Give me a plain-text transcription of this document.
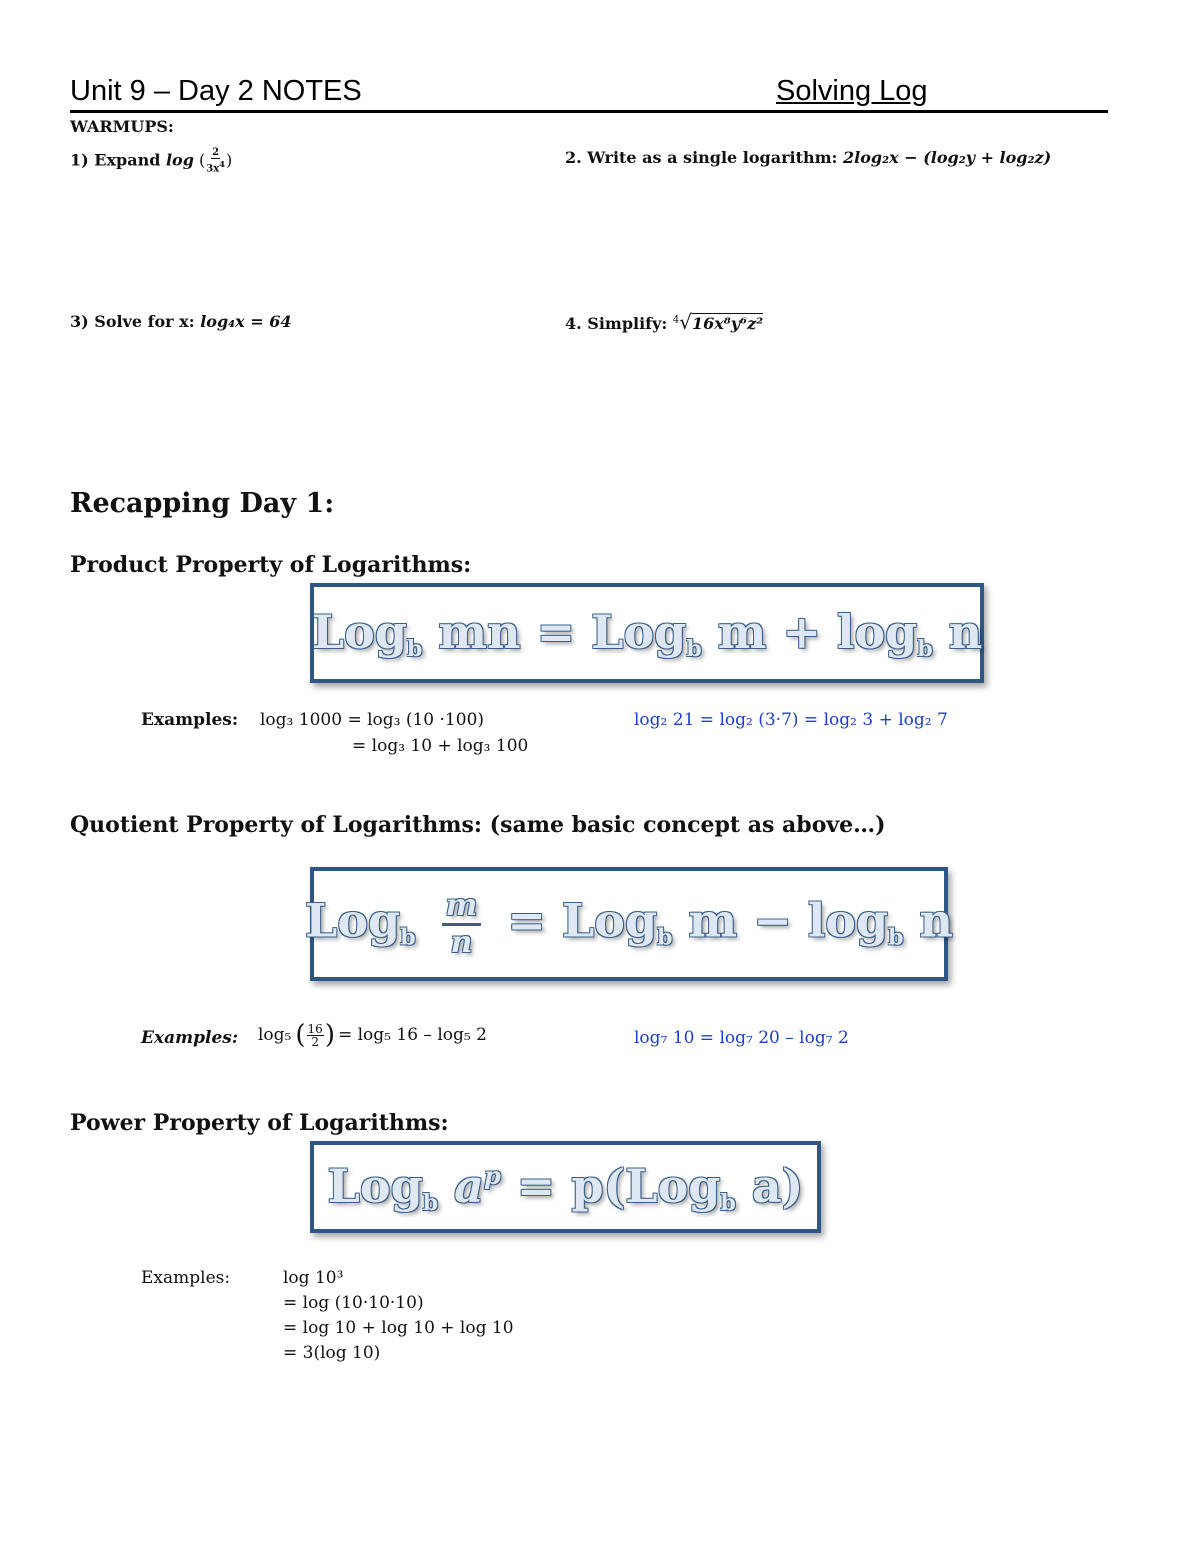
Unit 9 – Day 2 NOTES	Solving Log
WARMUPS:
1) Expand log ( $\frac{2}{3x^4}$ )	2. Write as a single logarithm: 2log₂x − (log₂y + log₂z)
3) Solve for x: log₄x = 64	4. Simplify: $^4$√16x⁸y⁶z²
Recapping Day 1:
Product Property of Logarithms:
Logb mn = Logb m + logb n
Examples: log₃ 1000 = log₃ (10 ·100)
= log₃ 10 + log₃ 100
log₂ 21 = log₂ (3·7) = log₂ 3 + log₂ 7
Quotient Property of Logarithms: (same basic concept as above…)
Logb $\frac{m}{n}$ = Logb m − logb n
Examples: log₅ ( $\frac{16}{2}$ ) = log₅ 16 – log₅ 2	log₇ 10 = log₇ 20 – log₇ 2
Power Property of Logarithms:
Logb $a^p$ = p(Logb a)
Examples:	log 10³
= log (10·10·10)
= log 10 + log 10 + log 10
= 3(log 10)
